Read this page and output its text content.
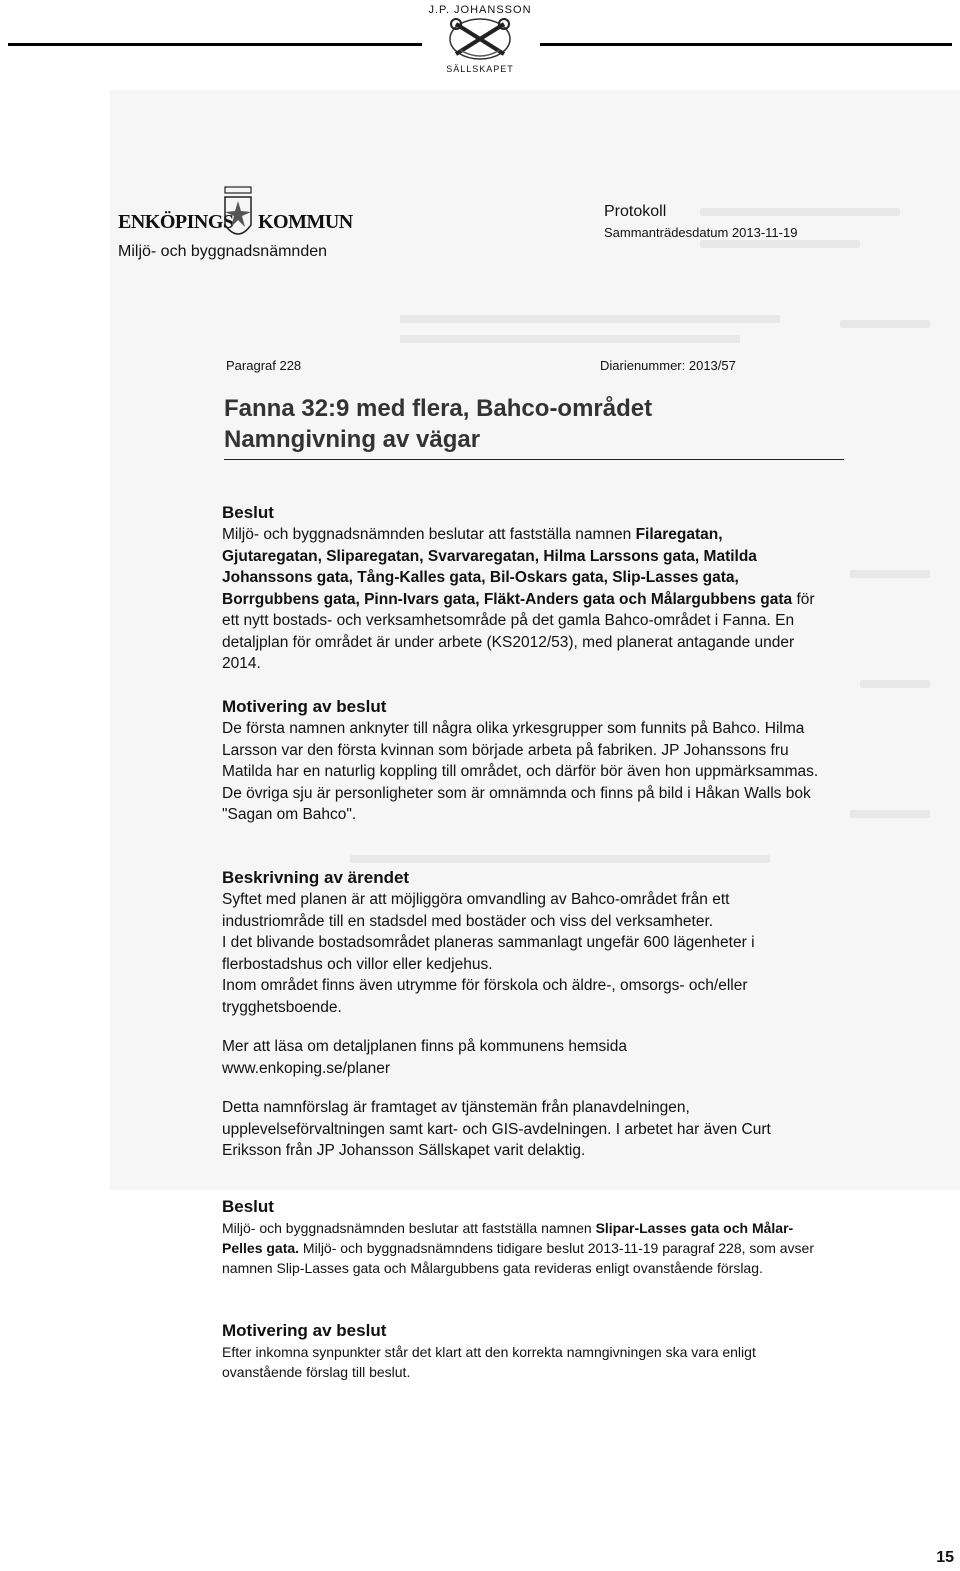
J.P. JOHANSSON
SÄLLSKAPET
ENKÖPINGS KOMMUN
Miljö- och byggnadsnämnden
Protokoll
Sammanträdesdatum 2013-11-19
Paragraf 228	Diarienummer: 2013/57
Fanna 32:9 med flera, Bahco-området
Namngivning av vägar
Beslut

Miljö- och byggnadsnämnden beslutar att fastställa namnen Filaregatan, Gjutaregatan, Sliparegatan, Svarvaregatan, Hilma Larssons gata, Matilda Johanssons gata, Tång-Kalles gata, Bil-Oskars gata, Slip-Lasses gata, Borrgubbens gata, Pinn-Ivars gata, Fläkt-Anders gata och Målargubbens gata för ett nytt bostads- och verksamhetsområde på det gamla Bahco-området i Fanna. En detaljplan för området är under arbete (KS2012/53), med planerat antagande under 2014.

Motivering av beslut

De första namnen anknyter till några olika yrkesgrupper som funnits på Bahco. Hilma Larsson var den första kvinnan som började arbeta på fabriken. JP Johanssons fru Matilda har en naturlig koppling till området, och därför bör även hon uppmärksammas. De övriga sju är personligheter som är omnämnda och finns på bild i Håkan Walls bok "Sagan om Bahco".

Beskrivning av ärendet

Syftet med planen är att möjliggöra omvandling av Bahco-området från ett industriområde till en stadsdel med bostäder och viss del verksamheter.

I det blivande bostadsområdet planeras sammanlagt ungefär 600 lägenheter i flerbostadshus och villor eller kedjehus.

Inom området finns även utrymme för förskola och äldre-, omsorgs- och/eller trygghetsboende.

Mer att läsa om detaljplanen finns på kommunens hemsida

www.enkoping.se/planer

Detta namnförslag är framtaget av tjänstemän från planavdelningen, upplevelseförvaltningen samt kart- och GIS-avdelningen. I arbetet har även Curt Eriksson från JP Johansson Sällskapet varit delaktig.

Beslut

Miljö- och byggnadsnämnden beslutar att fastställa namnen Slipar-Lasses gata och Målar-Pelles gata. Miljö- och byggnadsnämndens tidigare beslut 2013-11-19 paragraf 228, som avser namnen Slip-Lasses gata och Målargubbens gata revideras enligt ovanstående förslag.

Motivering av beslut

Efter inkomna synpunkter står det klart att den korrekta namngivningen ska vara enligt ovanstående förslag till beslut.

15
